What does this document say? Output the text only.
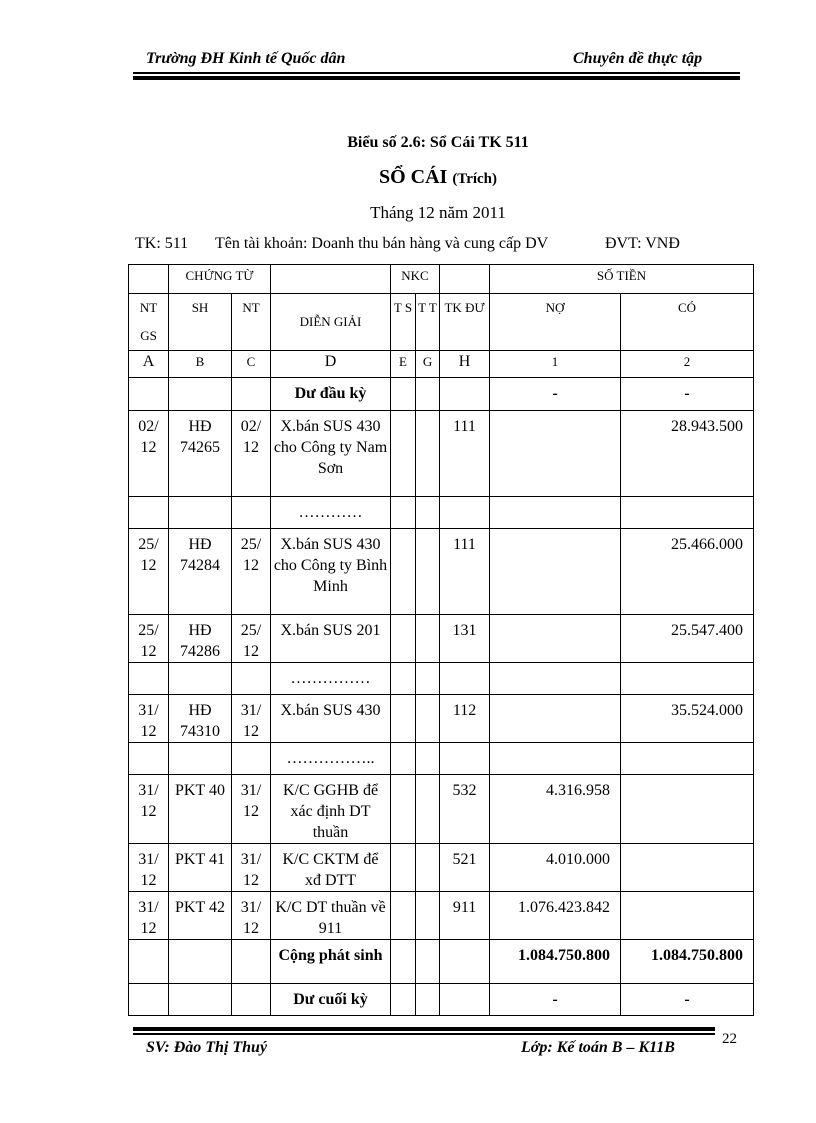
Trường ĐH Kinh tế Quốc dân	Chuyên đề thực tập
Biểu số 2.6: Sổ Cái TK 511
SỔ CÁI (Trích)
Tháng 12 năm 2011
TK: 511 Tên tài khoản: Doanh thu bán hàng và cung cấp DV	ĐVT: VNĐ
	CHỨNG TỪ			NKC			SỐ TIỀN	
NT GS	SH	NT	DIỄN GIẢI	T S	T T	TK ĐƯ	NỢ	CÓ
A	B	C	D	E	G	H	1	2
			Dư đầu kỳ				-	-
02/ 12	HĐ 74265	02/ 12	X.bán SUS 430 cho Công ty Nam Sơn			111		28.943.500
			…………					
25/ 12	HĐ 74284	25/ 12	X.bán SUS 430 cho Công ty Bình Minh			111		25.466.000
25/ 12	HĐ 74286	25/ 12	X.bán SUS 201			131		25.547.400
			……………					
31/ 12	HĐ 74310	31/ 12	X.bán SUS 430			112		35.524.000
			……………..					
31/ 12	PKT 40	31/ 12	K/C GGHB để xác định DT thuần			532	4.316.958	
31/ 12	PKT 41	31/ 12	K/C CKTM để xđ DTT			521	4.010.000	
31/ 12	PKT 42	31/ 12	K/C DT thuần về 911			911	1.076.423.842	
			Cộng phát sinh				1.084.750.800	1.084.750.800
			Dư cuối kỳ				-	-
SV: Đào Thị Thuý	Lớp: Kế toán B – K11B	22
